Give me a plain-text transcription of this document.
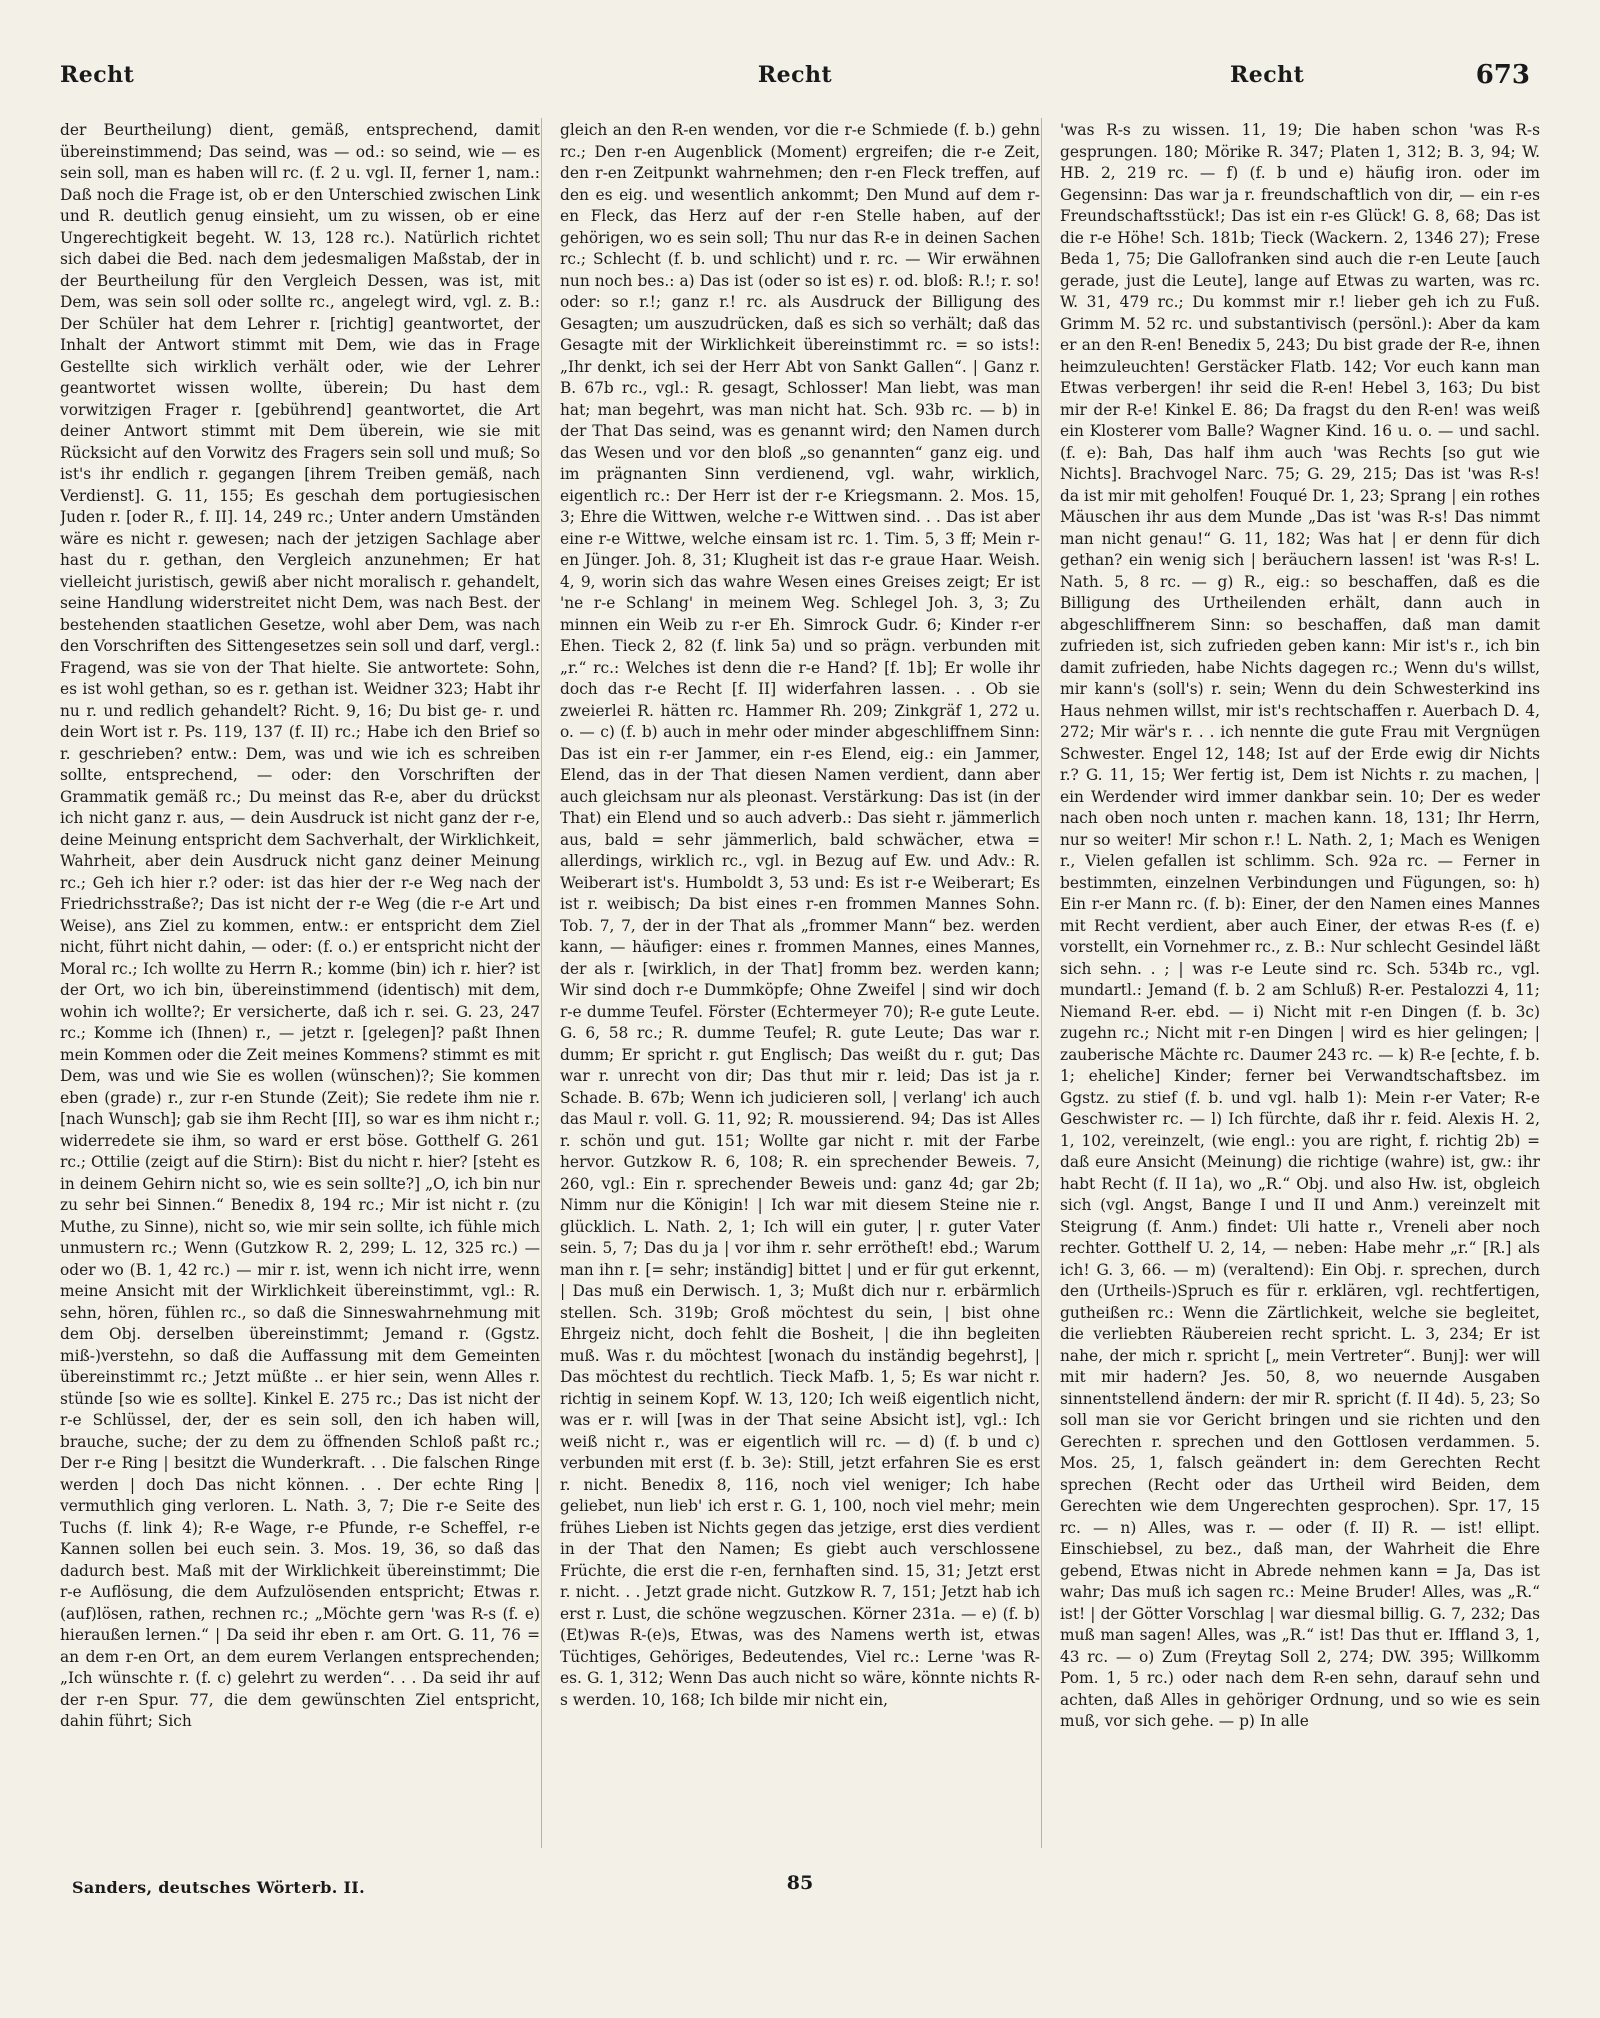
Recht	Recht	Recht	673

der Beurtheilung) dient, gemäß, entsprechend, damit übereinstimmend; Das seind, was — od.: so seind, wie — es sein soll, man es haben will rc. (f. 2 u. vgl. II, ferner 1, nam.: Daß noch die Frage ist, ob er den Unterschied zwischen Link und R. deutlich genug einsieht, um zu wissen, ob er eine Ungerechtigkeit begeht. W. 13, 128 rc.). Natürlich richtet sich dabei die Bed. nach dem jedesmaligen Maßstab, der in der Beurtheilung für den Vergleich Dessen, was ist, mit Dem, was sein soll oder sollte rc., angelegt wird, vgl. z. B.: Der Schüler hat dem Lehrer r. [richtig] geantwortet, der Inhalt der Antwort stimmt mit Dem, wie das in Frage Gestellte sich wirklich verhält oder, wie der Lehrer geantwortet wissen wollte, überein; Du hast dem vorwitzigen Frager r. [gebührend] geantwortet, die Art deiner Antwort stimmt mit Dem überein, wie sie mit Rücksicht auf den Vorwitz des Fragers sein soll und muß; So ist's ihr endlich r. gegangen [ihrem Treiben gemäß, nach Verdienst]. G. 11, 155; Es geschah dem portugiesischen Juden r. [oder R., f. II]. 14, 249 rc.; Unter andern Umständen wäre es nicht r. gewesen; nach der jetzigen Sachlage aber hast du r. gethan, den Vergleich anzunehmen; Er hat vielleicht juristisch, gewiß aber nicht moralisch r. gehandelt, seine Handlung widerstreitet nicht Dem, was nach Best. der bestehenden staatlichen Gesetze, wohl aber Dem, was nach den Vorschriften des Sittengesetzes sein soll und darf, vergl.: Fragend, was sie von der That hielte. Sie antwortete: Sohn, es ist wohl gethan, so es r. gethan ist. Weidner 323; Habt ihr nu r. und redlich gehandelt? Richt. 9, 16; Du bist ge- r. und dein Wort ist r. Ps. 119, 137 (f. II) rc.; Habe ich den Brief so r. geschrieben? entw.: Dem, was und wie ich es schreiben sollte, entsprechend, — oder: den Vorschriften der Grammatik gemäß rc.; Du meinst das R-e, aber du drückst ich nicht ganz r. aus, — dein Ausdruck ist nicht ganz der r-e, deine Meinung entspricht dem Sachverhalt, der Wirklichkeit, Wahrheit, aber dein Ausdruck nicht ganz deiner Meinung rc.; Geh ich hier r.? oder: ist das hier der r-e Weg nach der Friedrichsstraße?; Das ist nicht der r-e Weg (die r-e Art und Weise), ans Ziel zu kommen, entw.: er entspricht dem Ziel nicht, führt nicht dahin, — oder: (f. o.) er entspricht nicht der Moral rc.; Ich wollte zu Herrn R.; komme (bin) ich r. hier? ist der Ort, wo ich bin, übereinstimmend (identisch) mit dem, wohin ich wollte?; Er versicherte, daß ich r. sei. G. 23, 247 rc.; Komme ich (Ihnen) r., — jetzt r. [gelegen]? paßt Ihnen mein Kommen oder die Zeit meines Kommens? stimmt es mit Dem, was und wie Sie es wollen (wünschen)?; Sie kommen eben (grade) r., zur r-en Stunde (Zeit); Sie redete ihm nie r. [nach Wunsch]; gab sie ihm Recht [II], so war es ihm nicht r.; widerredete sie ihm, so ward er erst böse. Gotthelf G. 261 rc.; Ottilie (zeigt auf die Stirn): Bist du nicht r. hier? [steht es in deinem Gehirn nicht so, wie es sein sollte?] „O, ich bin nur zu sehr bei Sinnen.“ Benedix 8, 194 rc.; Mir ist nicht r. (zu Muthe, zu Sinne), nicht so, wie mir sein sollte, ich fühle mich unmustern rc.; Wenn (Gutzkow R. 2, 299; L. 12, 325 rc.) — oder wo (B. 1, 42 rc.) — mir r. ist, wenn ich nicht irre, wenn meine Ansicht mit der Wirklichkeit übereinstimmt, vgl.: R. sehn, hören, fühlen rc., so daß die Sinneswahrnehmung mit dem Obj. derselben übereinstimmt; Jemand r. (Ggstz. miß-)verstehn, so daß die Auffassung mit dem Gemeinten übereinstimmt rc.; Jetzt müßte .. er hier sein, wenn Alles r. stünde [so wie es sollte]. Kinkel E. 275 rc.; Das ist nicht der r-e Schlüssel, der, der es sein soll, den ich haben will, brauche, suche; der zu dem zu öffnenden Schloß paßt rc.; Der r-e Ring | besitzt die Wunderkraft. . . Die falschen Ringe werden | doch Das nicht können. . . Der echte Ring | vermuthlich ging verloren. L. Nath. 3, 7; Die r-e Seite des Tuchs (f. link 4); R-e Wage, r-e Pfunde, r-e Scheffel, r-e Kannen sollen bei euch sein. 3. Mos. 19, 36, so daß das dadurch best. Maß mit der Wirklichkeit übereinstimmt; Die r-e Auflösung, die dem Aufzulösenden entspricht; Etwas r. (auf)lösen, rathen, rechnen rc.; „Möchte gern 'was R-s (f. e) hieraußen lernen.“ | Da seid ihr eben r. am Ort. G. 11, 76 = an dem r-en Ort, an dem eurem Verlangen entsprechenden; „Ich wünschte r. (f. c) gelehrt zu werden“. . . Da seid ihr auf der r-en Spur. 77, die dem gewünschten Ziel entspricht, dahin führt; Sich

gleich an den R-en wenden, vor die r-e Schmiede (f. b.) gehn rc.; Den r-en Augenblick (Moment) ergreifen; die r-e Zeit, den r-en Zeitpunkt wahrnehmen; den r-en Fleck treffen, auf den es eig. und wesentlich ankommt; Den Mund auf dem r-en Fleck, das Herz auf der r-en Stelle haben, auf der gehörigen, wo es sein soll; Thu nur das R-e in deinen Sachen rc.; Schlecht (f. b. und schlicht) und r. rc. — Wir erwähnen nun noch bes.: a) Das ist (oder so ist es) r. od. bloß: R.!; r. so! oder: so r.!; ganz r.! rc. als Ausdruck der Billigung des Gesagten; um auszudrücken, daß es sich so verhält; daß das Gesagte mit der Wirklichkeit übereinstimmt rc. = so ists!: „Ihr denkt, ich sei der Herr Abt von Sankt Gallen“. | Ganz r. B. 67b rc., vgl.: R. gesagt, Schlosser! Man liebt, was man hat; man begehrt, was man nicht hat. Sch. 93b rc. — b) in der That Das seind, was es genannt wird; den Namen durch das Wesen und vor den bloß „so genannten“ ganz eig. und im prägnanten Sinn verdienend, vgl. wahr, wirklich, eigentlich rc.: Der Herr ist der r-e Kriegsmann. 2. Mos. 15, 3; Ehre die Wittwen, welche r-e Wittwen sind. . . Das ist aber eine r-e Wittwe, welche einsam ist rc. 1. Tim. 5, 3 ff; Mein r-en Jünger. Joh. 8, 31; Klugheit ist das r-e graue Haar. Weish. 4, 9, worin sich das wahre Wesen eines Greises zeigt; Er ist 'ne r-e Schlang' in meinem Weg. Schlegel Joh. 3, 3; Zu minnen ein Weib zu r-er Eh. Simrock Gudr. 6; Kinder r-er Ehen. Tieck 2, 82 (f. link 5a) und so prägn. verbunden mit „r.“ rc.: Welches ist denn die r-e Hand? [f. 1b]; Er wolle ihr doch das r-e Recht [f. II] widerfahren lassen. . . Ob sie zweierlei R. hätten rc. Hammer Rh. 209; Zinkgräf 1, 272 u. o. — c) (f. b) auch in mehr oder minder abgeschliffnem Sinn: Das ist ein r-er Jammer, ein r-es Elend, eig.: ein Jammer, Elend, das in der That diesen Namen verdient, dann aber auch gleichsam nur als pleonast. Verstärkung: Das ist (in der That) ein Elend und so auch adverb.: Das sieht r. jämmerlich aus, bald = sehr jämmerlich, bald schwächer, etwa = allerdings, wirklich rc., vgl. in Bezug auf Ew. und Adv.: R. Weiberart ist's. Humboldt 3, 53 und: Es ist r-e Weiberart; Es ist r. weibisch; Da bist eines r-en frommen Mannes Sohn. Tob. 7, 7, der in der That als „frommer Mann“ bez. werden kann, — häufiger: eines r. frommen Mannes, eines Mannes, der als r. [wirklich, in der That] fromm bez. werden kann; Wir sind doch r-e Dummköpfe; Ohne Zweifel | sind wir doch r-e dumme Teufel. Förster (Echtermeyer 70); R-e gute Leute. G. 6, 58 rc.; R. dumme Teufel; R. gute Leute; Das war r. dumm; Er spricht r. gut Englisch; Das weißt du r. gut; Das war r. unrecht von dir; Das thut mir r. leid; Das ist ja r. Schade. B. 67b; Wenn ich judicieren soll, | verlang' ich auch das Maul r. voll. G. 11, 92; R. moussierend. 94; Das ist Alles r. schön und gut. 151; Wollte gar nicht r. mit der Farbe hervor. Gutzkow R. 6, 108; R. ein sprechender Beweis. 7, 260, vgl.: Ein r. sprechender Beweis und: ganz 4d; gar 2b; Nimm nur die Königin! | Ich war mit diesem Steine nie r. glücklich. L. Nath. 2, 1; Ich will ein guter, | r. guter Vater sein. 5, 7; Das du ja | vor ihm r. sehr errötheſt! ebd.; Warum man ihn r. [= sehr; inständig] bittet | und er für gut erkennt, | Das muß ein Derwisch. 1, 3; Mußt dich nur r. erbärmlich stellen. Sch. 319b; Groß möchtest du sein, | bist ohne Ehrgeiz nicht, doch fehlt die Bosheit, | die ihn begleiten muß. Was r. du möchtest [wonach du inständig begehrst], | Das möchtest du rechtlich. Tieck Mafb. 1, 5; Es war nicht r. richtig in seinem Kopf. W. 13, 120; Ich weiß eigentlich nicht, was er r. will [was in der That seine Absicht ist], vgl.: Ich weiß nicht r., was er eigentlich will rc. — d) (f. b und c) verbunden mit erst (f. b. 3e): Still, jetzt erfahren Sie es erst r. nicht. Benedix 8, 116, noch viel weniger; Ich habe geliebet, nun lieb' ich erst r. G. 1, 100, noch viel mehr; mein frühes Lieben ist Nichts gegen das jetzige, erst dies verdient in der That den Namen; Es giebt auch verschlossene Früchte, die erst die r-en, fernhaften sind. 15, 31; Jetzt erst r. nicht. . . Jetzt grade nicht. Gutzkow R. 7, 151; Jetzt hab ich erst r. Lust, die schöne wegzuschen. Körner 231a. — e) (f. b) (Et)was R-(e)s, Etwas, was des Namens werth ist, etwas Tüchtiges, Gehöriges, Bedeutendes, Viel rc.: Lerne 'was R-es. G. 1, 312; Wenn Das auch nicht so wäre, könnte nichts R-s werden. 10, 168; Ich bilde mir nicht ein,

'was R-s zu wissen. 11, 19; Die haben schon 'was R-s gesprungen. 180; Mörike R. 347; Platen 1, 312; B. 3, 94; W. HB. 2, 219 rc. — f) (f. b und e) häufig iron. oder im Gegensinn: Das war ja r. freundschaftlich von dir, — ein r-es Freundschaftsstück!; Das ist ein r-es Glück! G. 8, 68; Das ist die r-e Höhe! Sch. 181b; Tieck (Wackern. 2, 1346 27); Frese Beda 1, 75; Die Gallofranken sind auch die r-en Leute [auch gerade, just die Leute], lange auf Etwas zu warten, was rc. W. 31, 479 rc.; Du kommst mir r.! lieber geh ich zu Fuß. Grimm M. 52 rc. und substantivisch (persönl.): Aber da kam er an den R-en! Benedix 5, 243; Du bist grade der R-e, ihnen heimzuleuchten! Gerstäcker Flatb. 142; Vor euch kann man Etwas verbergen! ihr seid die R-en! Hebel 3, 163; Du bist mir der R-e! Kinkel E. 86; Da fragst du den R-en! was weiß ein Klosterer vom Balle? Wagner Kind. 16 u. o. — und sachl. (f. e): Bah, Das half ihm auch 'was Rechts [so gut wie Nichts]. Brachvogel Narc. 75; G. 29, 215; Das ist 'was R-s! da ist mir mit geholfen! Fouqué Dr. 1, 23; Sprang | ein rothes Mäuschen ihr aus dem Munde „Das ist 'was R-s! Das nimmt man nicht genau!“ G. 11, 182; Was hat | er denn für dich gethan? ein wenig sich | beräuchern lassen! ist 'was R-s! L. Nath. 5, 8 rc. — g) R., eig.: so beschaffen, daß es die Billigung des Urtheilenden erhält, dann auch in abgeschliffnerem Sinn: so beschaffen, daß man damit zufrieden ist, sich zufrieden geben kann: Mir ist's r., ich bin damit zufrieden, habe Nichts dagegen rc.; Wenn du's willst, mir kann's (soll's) r. sein; Wenn du dein Schwesterkind ins Haus nehmen willst, mir ist's rechtschaffen r. Auerbach D. 4, 272; Mir wär's r. . . ich nennte die gute Frau mit Vergnügen Schwester. Engel 12, 148; Ist auf der Erde ewig dir Nichts r.? G. 11, 15; Wer fertig ist, Dem ist Nichts r. zu machen, | ein Werdender wird immer dankbar sein. 10; Der es weder nach oben noch unten r. machen kann. 18, 131; Ihr Herrn, nur so weiter! Mir schon r.! L. Nath. 2, 1; Mach es Wenigen r., Vielen gefallen ist schlimm. Sch. 92a rc. — Ferner in bestimmten, einzelnen Verbindungen und Fügungen, so: h) Ein r-er Mann rc. (f. b): Einer, der den Namen eines Mannes mit Recht verdient, aber auch Einer, der etwas R-es (f. e) vorstellt, ein Vornehmer rc., z. B.: Nur schlecht Gesindel läßt sich sehn. . ; | was r-e Leute sind rc. Sch. 534b rc., vgl. mundartl.: Jemand (f. b. 2 am Schluß) R-er. Pestalozzi 4, 11; Niemand R-er. ebd. — i) Nicht mit r-en Dingen (f. b. 3c) zugehn rc.; Nicht mit r-en Dingen | wird es hier gelingen; | zauberische Mächte rc. Daumer 243 rc. — k) R-e [echte, f. b. 1; eheliche] Kinder; ferner bei Verwandtschaftsbez. im Ggstz. zu stief (f. b. und vgl. halb 1): Mein r-er Vater; R-e Geschwister rc. — l) Ich fürchte, daß ihr r. feid. Alexis H. 2, 1, 102, vereinzelt, (wie engl.: you are right, f. richtig 2b) = daß eure Ansicht (Meinung) die richtige (wahre) ist, gw.: ihr habt Recht (f. II 1a), wo „R.“ Obj. und also Hw. ist, obgleich sich (vgl. Angst, Bange I und II und Anm.) vereinzelt mit Steigrung (f. Anm.) findet: Uli hatte r., Vreneli aber noch rechter. Gotthelf U. 2, 14, — neben: Habe mehr „r.“ [R.] als ich! G. 3, 66. — m) (veraltend): Ein Obj. r. sprechen, durch den (Urtheils-)Spruch es für r. erklären, vgl. rechtfertigen, gutheißen rc.: Wenn die Zärtlichkeit, welche sie begleitet, die verliebten Räubereien recht spricht. L. 3, 234; Er ist nahe, der mich r. spricht [„ mein Vertreter“. Bunj]: wer will mit mir hadern? Jes. 50, 8, wo neuernde Ausgaben sinnentstellend ändern: der mir R. spricht (f. II 4d). 5, 23; So soll man sie vor Gericht bringen und sie richten und den Gerechten r. sprechen und den Gottlosen verdammen. 5. Mos. 25, 1, falsch geändert in: dem Gerechten Recht sprechen (Recht oder das Urtheil wird Beiden, dem Gerechten wie dem Ungerechten gesprochen). Spr. 17, 15 rc. — n) Alles, was r. — oder (f. II) R. — ist! ellipt. Einschiebsel, zu bez., daß man, der Wahrheit die Ehre gebend, Etwas nicht in Abrede nehmen kann = Ja, Das ist wahr; Das muß ich sagen rc.: Meine Bruder! Alles, was „R.“ ist! | der Götter Vorschlag | war diesmal billig. G. 7, 232; Das muß man sagen! Alles, was „R.“ ist! Das thut er. Iffland 3, 1, 43 rc. — o) Zum (Freytag Soll 2, 274; DW. 395; Willkomm Pom. 1, 5 rc.) oder nach dem R-en sehn, darauf sehn und achten, daß Alles in gehöriger Ordnung, und so wie es sein muß, vor sich gehe. — p) In alle

Sanders, deutsches Wörterb. II.	85
